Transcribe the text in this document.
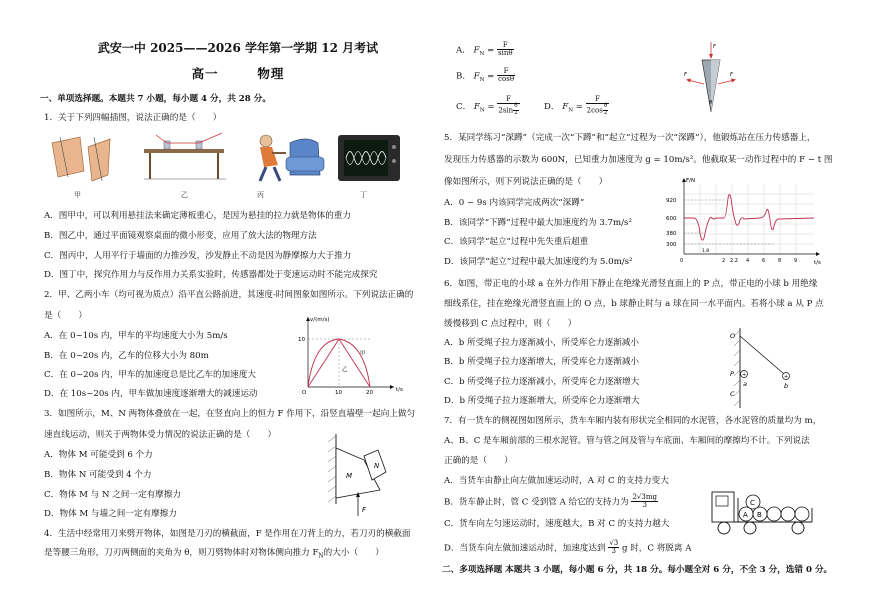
武安一中 2025——2026 学年第一学期 12 月考试
高一	物理
一、单项选择题。本题共 7 小题，每小题 4 分，共 28 分。
1．关于下列四幅插图，说法正确的是（　　）
甲	乙	丙	丁
A．图甲中，可以利用悬挂法来确定薄板重心，是因为悬挂的拉力就是物体的重力
B．图乙中，通过平面镜观察桌面的微小形变，应用了放大法的物理方法
C．图丙中，人用平行于墙面的力推沙发，沙发静止不动是因为静摩擦力大于推力
D．图丁中，探究作用力与反作用力关系实验时，传感器都处于变速运动时不能完成探究
2．甲、乙两小车（均可视为质点）沿平直公路前进，其速度-时间图象如图所示。下列说法正确的
是（　　）
A．在 0~10s 内，甲车的平均速度大小为 5m/s
B．在 0~20s 内，乙车的位移大小为 80m
C．在 0~20s 内，甲车的加速度总是比乙车的加速度大
D．在 10s~20s 内，甲车做加速度逐渐增大的减速运动
v/(m/s)
t/s
10
10	20
O
甲
乙
3．如图所示，M、N 两物体叠放在一起，在竖直向上的恒力 F 作用下，沿竖直墙壁一起向上做匀
速直线运动，则关于两物体受力情况的说法正确的是（　　）
A．物体 M 可能受到 6 个力
B．物体 N 可能受到 4 个力
C．物体 M 与 N 之间一定有摩擦力
D．物体 M 与墙之间一定有摩擦力
M
N
F
4．生活中经常用刀来劈开物体，如图是刀刃的横截面，F 是作用在刀背上的力，若刀刃的横截面
是等腰三角形，刀刃两侧面的夹角为 θ，则刀劈物体时对物体侧向推力 $F_N$的大小（　　）
A． $F_N = \frac{F}{\sin\theta}$
B． $F_N = \frac{F}{\cos\theta}$
C． $F_N = \frac{F}{2\sin \frac{\theta}{2}}$	D． $F_N = \frac{F}{2\cos \frac{\theta}{2}}$
F
F	F
θ
5．某同学练习“深蹲”（完成一次“下蹲”和“起立”过程为一次“深蹲”），他锻炼站在压力传感器上，
发现压力传感器的示数为 600N，已知重力加速度为 g = 10m/s²。他截取某一动作过程中的 F − t 图
像如图所示，则下列说法正确的是（　　）
A．0 ~ 9s 内该同学完成两次“深蹲”
B．该同学“下蹲”过程中最大加速度约为 3.7m/s²
C．该同学“起立”过程中先失重后超重
D．该同学“起立”过程中最大加速度约为 5.0m/s²
F/N
t/s
920
600
380
300
0
1.8
2 2.2 4	6	8	9
6．如图，带正电的小球 a 在外力作用下静止在绝缘光滑竖直面上的 P 点，带正电的小球 b 用绝缘
细线系住，挂在绝缘光滑竖直面上的 O 点，b 球静止时与 a 球在同一水平面内。若将小球 a 从 P 点
缓慢移到 C 点过程中，则（　　）
A．b 所受绳子拉力逐渐减小，所受库仑力逐渐减小
B．b 所受绳子拉力逐渐增大，所受库仑力逐渐减小
C．b 所受绳子拉力逐渐减小，所受库仑力逐渐增大
D．b 所受绳子拉力逐渐增大，所受库仑力逐渐增大
+	+
O
P
C
a	b
7．有一货车的侧视图如图所示，货车车厢内装有形状完全相同的水泥管，各水泥管的质量均为 m，
A、B、C 是车厢前部的三根水泥管。管与管之间及管与车底面、车厢间的摩擦均不计。下列说法
正确的是（　　）
A．当货车由静止向左做加速运动时，A 对 C 的支持力变大
B．货车静止时，管 C 受到管 A 给它的支持力为 $\frac{2√3mg}{3}$
C．货车向左匀速运动时，速度越大，B 对 C 的支持力越大
D．当货车向左做加速运动时，加速度达到 $\frac{√3}{3}$ g 时，C 将脱离 A
A B
C
二、多项选择题 本题共 3 小题，每小题 6 分，共 18 分。每小题全对 6 分，不全 3 分，选错 0 分。
